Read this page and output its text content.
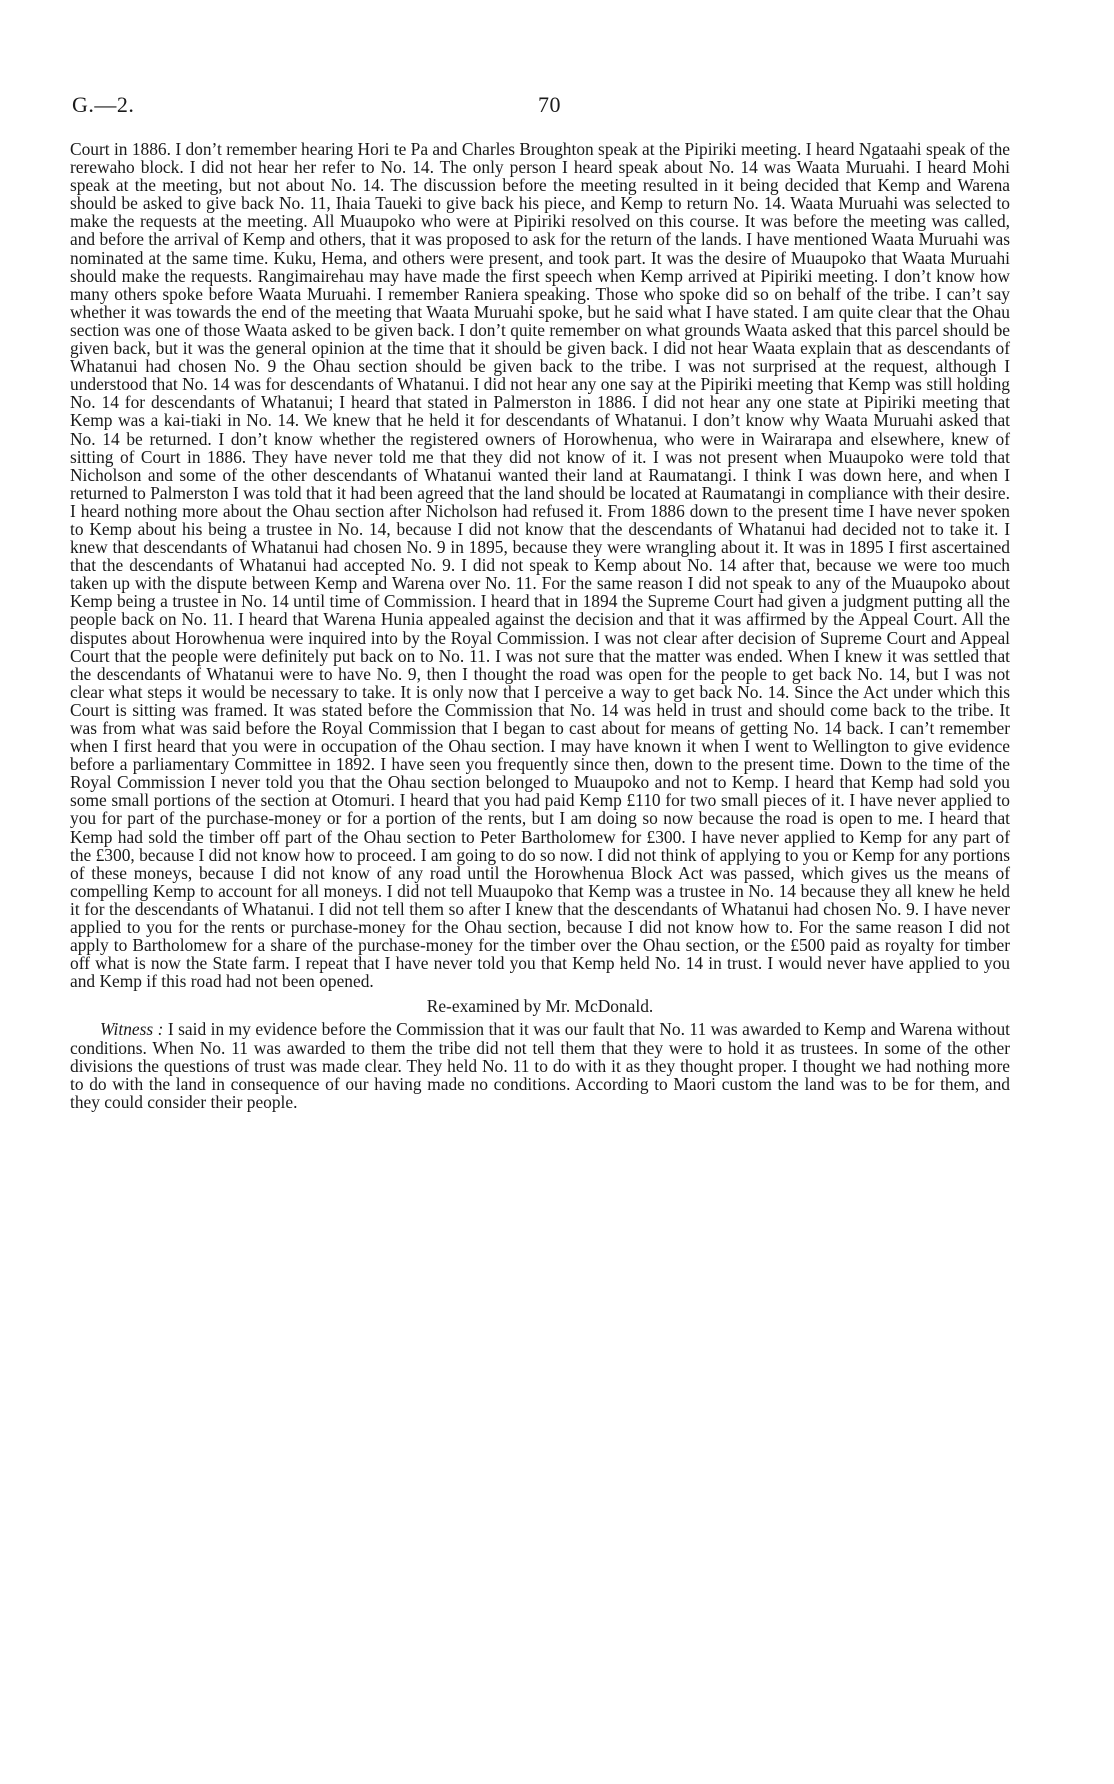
G.—2.	70

Court in 1886. I don’t remember hearing Hori te Pa and Charles Broughton speak at the Pipiriki meeting. I heard Ngataahi speak of the rerewaho block. I did not hear her refer to No. 14. The only person I heard speak about No. 14 was Waata Muruahi. I heard Mohi speak at the meeting, but not about No. 14. The discussion before the meeting resulted in it being decided that Kemp and Warena should be asked to give back No. 11, Ihaia Taueki to give back his piece, and Kemp to return No. 14. Waata Muruahi was selected to make the requests at the meeting. All Muaupoko who were at Pipiriki resolved on this course. It was before the meeting was called, and before the arrival of Kemp and others, that it was proposed to ask for the return of the lands. I have mentioned Waata Muruahi was nominated at the same time. Kuku, Hema, and others were present, and took part. It was the desire of Muaupoko that Waata Muruahi should make the requests. Rangimairehau may have made the first speech when Kemp arrived at Pipiriki meeting. I don’t know how many others spoke before Waata Muruahi. I remember Raniera speaking. Those who spoke did so on behalf of the tribe. I can’t say whether it was towards the end of the meeting that Waata Muruahi spoke, but he said what I have stated. I am quite clear that the Ohau section was one of those Waata asked to be given back. I don’t quite remember on what grounds Waata asked that this parcel should be given back, but it was the general opinion at the time that it should be given back. I did not hear Waata explain that as descendants of Whatanui had chosen No. 9 the Ohau section should be given back to the tribe. I was not surprised at the request, although I understood that No. 14 was for descendants of Whatanui. I did not hear any one say at the Pipiriki meeting that Kemp was still holding No. 14 for descendants of Whatanui; I heard that stated in Palmerston in 1886. I did not hear any one state at Pipiriki meeting that Kemp was a kai-tiaki in No. 14. We knew that he held it for descendants of Whatanui. I don’t know why Waata Muruahi asked that No. 14 be returned. I don’t know whether the registered owners of Horowhenua, who were in Wairarapa and elsewhere, knew of sitting of Court in 1886. They have never told me that they did not know of it. I was not present when Muaupoko were told that Nicholson and some of the other descendants of Whatanui wanted their land at Raumatangi. I think I was down here, and when I returned to Palmerston I was told that it had been agreed that the land should be located at Raumatangi in compliance with their desire. I heard nothing more about the Ohau section after Nicholson had refused it. From 1886 down to the present time I have never spoken to Kemp about his being a trustee in No. 14, because I did not know that the descendants of Whatanui had decided not to take it. I knew that descendants of Whatanui had chosen No. 9 in 1895, because they were wrangling about it. It was in 1895 I first ascertained that the descendants of Whatanui had accepted No. 9. I did not speak to Kemp about No. 14 after that, because we were too much taken up with the dispute between Kemp and Warena over No. 11. For the same reason I did not speak to any of the Muaupoko about Kemp being a trustee in No. 14 until time of Commission. I heard that in 1894 the Supreme Court had given a judgment putting all the people back on No. 11. I heard that Warena Hunia appealed against the decision and that it was affirmed by the Appeal Court. All the disputes about Horowhenua were inquired into by the Royal Commission. I was not clear after decision of Supreme Court and Appeal Court that the people were definitely put back on to No. 11. I was not sure that the matter was ended. When I knew it was settled that the descendants of Whatanui were to have No. 9, then I thought the road was open for the people to get back No. 14, but I was not clear what steps it would be necessary to take. It is only now that I perceive a way to get back No. 14. Since the Act under which this Court is sitting was framed. It was stated before the Commission that No. 14 was held in trust and should come back to the tribe. It was from what was said before the Royal Commission that I began to cast about for means of getting No. 14 back. I can’t remember when I first heard that you were in occupation of the Ohau section. I may have known it when I went to Wellington to give evidence before a parliamentary Committee in 1892. I have seen you frequently since then, down to the present time. Down to the time of the Royal Commission I never told you that the Ohau section belonged to Muaupoko and not to Kemp. I heard that Kemp had sold you some small portions of the section at Otomuri. I heard that you had paid Kemp £110 for two small pieces of it. I have never applied to you for part of the purchase-money or for a portion of the rents, but I am doing so now because the road is open to me. I heard that Kemp had sold the timber off part of the Ohau section to Peter Bartholomew for £300. I have never applied to Kemp for any part of the £300, because I did not know how to proceed. I am going to do so now. I did not think of applying to you or Kemp for any portions of these moneys, because I did not know of any road until the Horowhenua Block Act was passed, which gives us the means of compelling Kemp to account for all moneys. I did not tell Muaupoko that Kemp was a trustee in No. 14 because they all knew he held it for the descendants of Whatanui. I did not tell them so after I knew that the descendants of Whatanui had chosen No. 9. I have never applied to you for the rents or purchase-money for the Ohau section, because I did not know how to. For the same reason I did not apply to Bartholomew for a share of the purchase-money for the timber over the Ohau section, or the £500 paid as royalty for timber off what is now the State farm. I repeat that I have never told you that Kemp held No. 14 in trust. I would never have applied to you and Kemp if this road had not been opened.

Re-examined by Mr. McDonald.

Witness : I said in my evidence before the Commission that it was our fault that No. 11 was awarded to Kemp and Warena without conditions. When No. 11 was awarded to them the tribe did not tell them that they were to hold it as trustees. In some of the other divisions the questions of trust was made clear. They held No. 11 to do with it as they thought proper. I thought we had nothing more to do with the land in consequence of our having made no conditions. According to Maori custom the land was to be for them, and they could consider their people.
